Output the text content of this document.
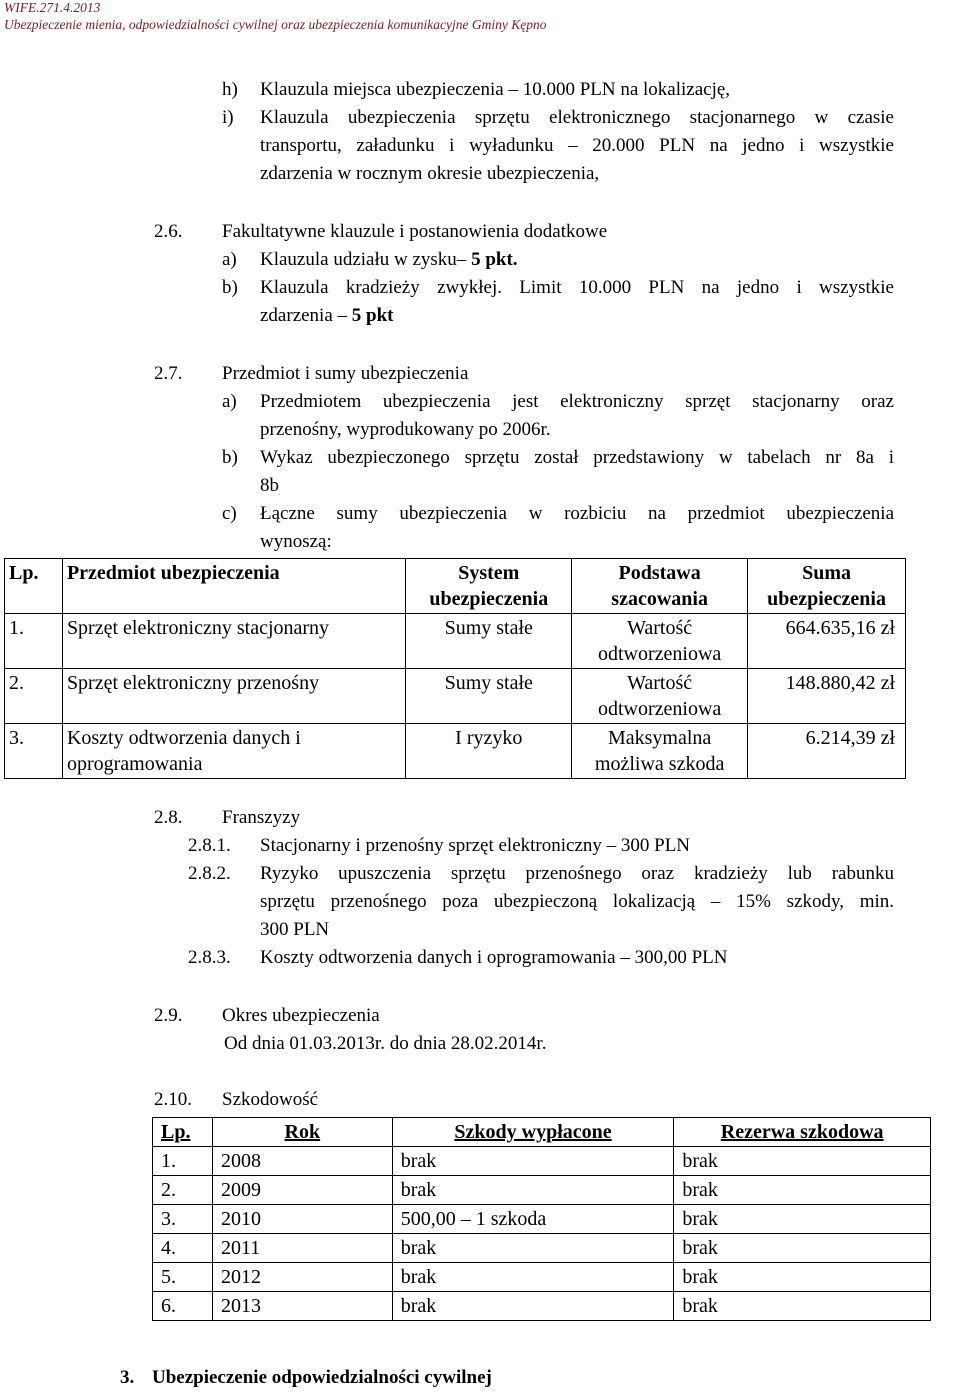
WIFE.271.4.2013
Ubezpieczenie mienia, odpowiedzialności cywilnej oraz ubezpieczenia komunikacyjne Gminy Kępno
h) Klauzula miejsca ubezpieczenia – 10.000 PLN na lokalizację,
i) Klauzula ubezpieczenia sprzętu elektronicznego stacjonarnego w czasie
transportu, załadunku i wyładunku – 20.000 PLN na jedno i wszystkie
zdarzenia w rocznym okresie ubezpieczenia,
2.6. Fakultatywne klauzule i postanowienia dodatkowe
a) Klauzula udziału w zysku– 5 pkt.
b) Klauzula kradzieży zwykłej. Limit 10.000 PLN na jedno i wszystkie
zdarzenia – 5 pkt
2.7. Przedmiot i sumy ubezpieczenia
a) Przedmiotem ubezpieczenia jest elektroniczny sprzęt stacjonarny oraz
przenośny, wyprodukowany po 2006r.
b) Wykaz ubezpieczonego sprzętu został przedstawiony w tabelach nr 8a i
8b
c) Łączne sumy ubezpieczenia w rozbiciu na przedmiot ubezpieczenia
wynoszą:
Lp.	Przedmiot ubezpieczenia	System ubezpieczenia	Podstawa szacowania	Suma ubezpieczenia
1.	Sprzęt elektroniczny stacjonarny	Sumy stałe	Wartość odtworzeniowa	664.635,16 zł
2.	Sprzęt elektroniczny przenośny	Sumy stałe	Wartość odtworzeniowa	148.880,42 zł
3.	Koszty odtworzenia danych i oprogramowania	I ryzyko	Maksymalna możliwa szkoda	6.214,39 zł
2.8. Franszyzy
2.8.1. Stacjonarny i przenośny sprzęt elektroniczny – 300 PLN
2.8.2. Ryzyko upuszczenia sprzętu przenośnego oraz kradzieży lub rabunku
sprzętu przenośnego poza ubezpieczoną lokalizacją – 15% szkody, min.
300 PLN
2.8.3. Koszty odtworzenia danych i oprogramowania – 300,00 PLN
2.9. Okres ubezpieczenia
Od dnia 01.03.2013r. do dnia 28.02.2014r.
2.10. Szkodowość
Lp.	Rok	Szkody wypłacone	Rezerwa szkodowa
1.	2008	brak	brak
2.	2009	brak	brak
3.	2010	500,00 – 1 szkoda	brak
4.	2011	brak	brak
5.	2012	brak	brak
6.	2013	brak	brak
3. Ubezpieczenie odpowiedzialności cywilnej
